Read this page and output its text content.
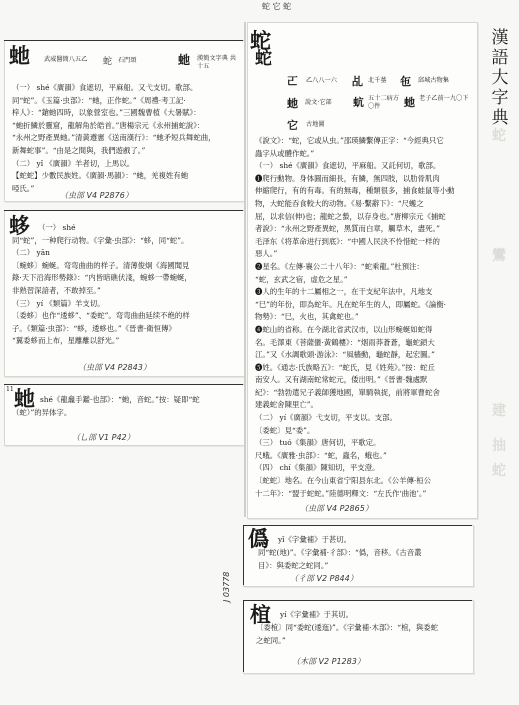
蛇 它 蛇
漢
語
大
字
典
蛇
鸞
建
抽
蛇
虵 武威醫簡八五乙	蛇 石門頌	虵 漢簡文字典 共十五

（一） shé《廣韻》食遮切，平麻船。又弋支切。歌部。

同“蛇”。《玉篇·虫部》：“虵，正作蛇。”《周禮·考工記·

梓人》：“鎗虵四時，以象營室也。”三國魏曹植《大暑賦》：

“虵折鱗於靈窟，龍解角於皓首。”唐楊宗元《永州捕蛇說》：

“永州之野產異虵。”清黃遵憲《送南漢行》：“虵矛短兵舞蛇曲，

新舞蛇事”。“由是之間與，我們遊戲了。”

（二） yǐ 《廣韻》羊者切，上馬以。

【蛇蛇】少數民族姓。《廣韻·馬韻》：“虵，羌複姓有虵

啞氏。”

（虫部 V4 P2876）
蛥	（一） shé

同“蛇”，一种爬行动物。《字彙·虫部》：“蛥，同“蛇”。

（二） yān

〔蜿蛥〕蜿蜒。弯弯曲曲的样子。清薄俊炯《海國聞見

錄·天下沿海形勢錄》：“内皆暗礁伏淺，蜿蛥一帶蜿蜒，

非熟習深諳者，不敢掉至。”

（三） yí 《類篇》羊支切。

〔委蛥〕也作“逶蛥”、“委蛇”。弯弯曲曲延续不绝的样

子。《類篇·虫部》：“蛥，逶蛥也。”《晉書·衛恒傳》

“翼委蛥而上布，星離離以舒光。”

（虫部 V4 P2843）
11 虵 shé《龍龕手鑑·也部》：“虵，音蛇。”按：疑即“蛇

（蛇）”的异体字。

（乚部 V1 P42）
蛇
蛇
𠀀 乙八八一六 乩 北千墓 㐌 邱城古物集
虵 說文·它部 蚢 五十二病方 〇件	虵 老子乙前一九〇下
它 古地圖

《說文》：“蛇，它或从虫。”邵瑛鱗繫傳正字：“今經典只它

蟲字从或體作蛇。”

（一） shé《廣韻》食遮切，平麻船。又託何切，歌部。

❶爬行動物。身体圓而細長，有鱗，無四肢，以肋骨肌肉

伸縮爬行，有的有毒。有的無毒，種類很多，捕食蛙鼠等小動

物，大蛇能吞食較大的动物。《易·繫辭下》：“尺蠖之

屈，以求信(伸)也；龍蛇之蟄，以存身也。”唐柳宗元《捕蛇

者說》：“永州之野產異蛇，黑質而白章，觸草木，盡死。”

毛泽东《将革命进行到底》：“中國人民決不怜惜蛇一样的

惡人。”

❷星名。《左傳·襄公二十八年》：“蛇乘龍。”杜預注：

“蛇，玄武之宿，虚危之星。”

❸人的生年的十二屬相之一，在干支紀年法中，凡地支

“巳”的年份，即為蛇年。凡在蛇年生的人，即屬蛇。《論衡·

物勢》：“巳，火也，其禽蛇也。”

❹蛇山的省称。在今湖北省武汉市，以山形蜿蜒如蛇得

名。毛澤東《菩薩蠻·黃鶴樓》：“烟雨莽蒼蒼，龜蛇鎖大

江。”又《水調歌頭·游泳》：“風檣動，龜蛇靜，起宏圖。”

❺姓。《通志·氏族略五》：“蛇氏，見《姓苑》。”按：蛇丘

南安人。又有湖南蛇常蛇元，倭出明。”《晉書·魏處默

紀》：“勃勃遣兄子義師獲地國，單騎執捉，前將軍曹蛇舍

建義蛇舍陳里亡”。

（二） yí《廣韻》弋支切，平支以。支部。

〔委蛇〕見“委”。

（三） tuó《集韻》唐何切，平歌定。

尺蛾。《廣雅·虫部》：“蛇，蟲名，蛾也。”

（四） chí《集韻》陳知切，平支澄。

〔蛇蛇〕地名。在今山東省宁阳县东北。《公羊傳·桓公

十二年》：“盟于蛇蛇。”陸德明釋文：“左氏作‘曲池’。”

（虫部 V4 P2865）
僞 yǐ《字彙補》于甚切。

同“蛇(地)”。《字彙補·彳部》：“僞，音移。《古音叢

目》：與委蛇之蛇同。”

（彳部 V2 P844）
J 03778
椬 yí《字彙補》于其切。

〔委椬〕同“委蛇(逶迤)”。《字彙補·木部》：“椬，與委蛇

之蛇同。”

（木部 V2 P1283）
